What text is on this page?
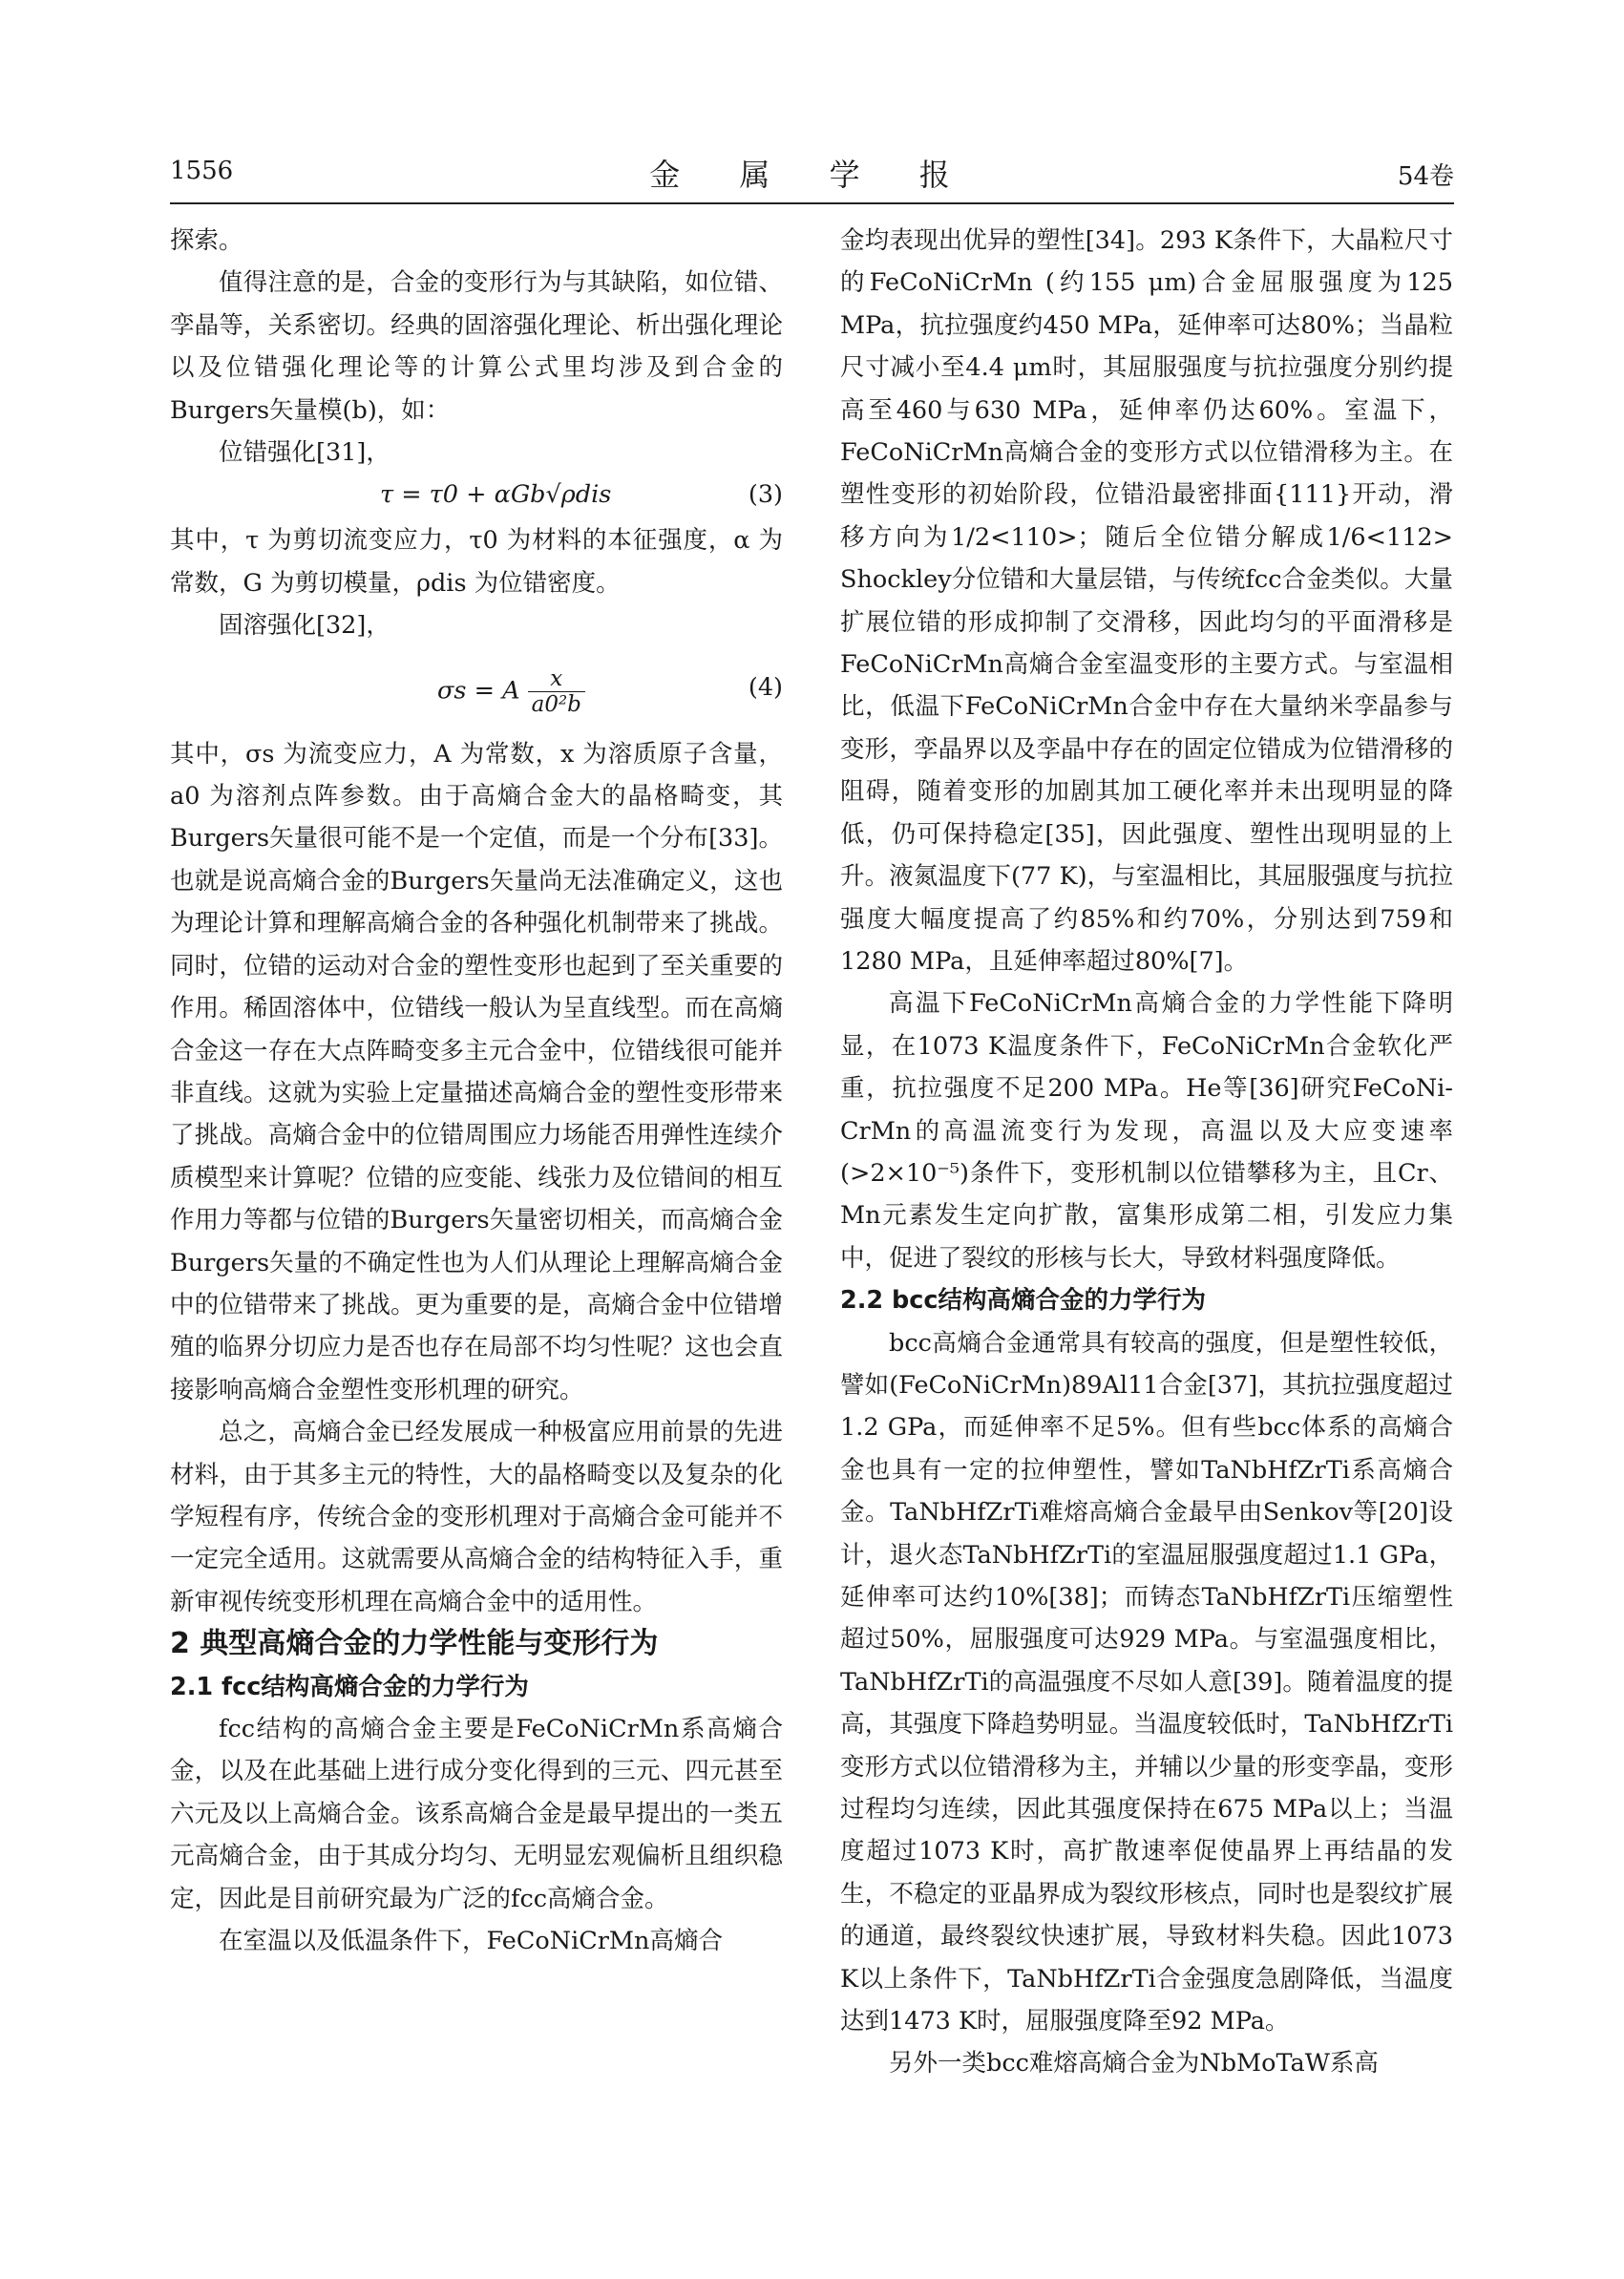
1556	金 属 学 报	54卷

探索。

值得注意的是，合金的变形行为与其缺陷，如位错、孪晶等，关系密切。经典的固溶强化理论、析出强化理论以及位错强化理论等的计算公式里均涉及到合金的Burgers矢量模(b)，如：

位错强化[31]，

τ = τ0 + αGb√ρdis	(3)

其中，τ 为剪切流变应力，τ0 为材料的本征强度，α 为常数，G 为剪切模量，ρdis 为位错密度。

固溶强化[32]，

σs = A $\frac{x}{\text{a0²b}}$	(4)

其中，σs 为流变应力，A 为常数，x 为溶质原子含量，a0 为溶剂点阵参数。由于高熵合金大的晶格畸变，其Burgers矢量很可能不是一个定值，而是一个分布[33]。也就是说高熵合金的Burgers矢量尚无法准确定义，这也为理论计算和理解高熵合金的各种强化机制带来了挑战。同时，位错的运动对合金的塑性变形也起到了至关重要的作用。稀固溶体中，位错线一般认为呈直线型。而在高熵合金这一存在大点阵畸变多主元合金中，位错线很可能并非直线。这就为实验上定量描述高熵合金的塑性变形带来了挑战。高熵合金中的位错周围应力场能否用弹性连续介质模型来计算呢？位错的应变能、线张力及位错间的相互作用力等都与位错的Burgers矢量密切相关，而高熵合金Burgers矢量的不确定性也为人们从理论上理解高熵合金中的位错带来了挑战。更为重要的是，高熵合金中位错增殖的临界分切应力是否也存在局部不均匀性呢？这也会直接影响高熵合金塑性变形机理的研究。

总之，高熵合金已经发展成一种极富应用前景的先进材料，由于其多主元的特性，大的晶格畸变以及复杂的化学短程有序，传统合金的变形机理对于高熵合金可能并不一定完全适用。这就需要从高熵合金的结构特征入手，重新审视传统变形机理在高熵合金中的适用性。

2 典型高熵合金的力学性能与变形行为

2.1 fcc结构高熵合金的力学行为

fcc结构的高熵合金主要是FeCoNiCrMn系高熵合金，以及在此基础上进行成分变化得到的三元、四元甚至六元及以上高熵合金。该系高熵合金是最早提出的一类五元高熵合金，由于其成分均匀、无明显宏观偏析且组织稳定，因此是目前研究最为广泛的fcc高熵合金。

在室温以及低温条件下，FeCoNiCrMn高熵合

金均表现出优异的塑性[34]。293 K条件下，大晶粒尺寸的FeCoNiCrMn (约155 μm)合金屈服强度为125 MPa，抗拉强度约450 MPa，延伸率可达80%；当晶粒尺寸减小至4.4 μm时，其屈服强度与抗拉强度分别约提高至460与630 MPa，延伸率仍达60%。室温下，FeCoNiCrMn高熵合金的变形方式以位错滑移为主。在塑性变形的初始阶段，位错沿最密排面{111}开动，滑移方向为1/2<110>；随后全位错分解成1/6<112> Shockley分位错和大量层错，与传统fcc合金类似。大量扩展位错的形成抑制了交滑移，因此均匀的平面滑移是FeCoNiCrMn高熵合金室温变形的主要方式。与室温相比，低温下FeCoNiCrMn合金中存在大量纳米孪晶参与变形，孪晶界以及孪晶中存在的固定位错成为位错滑移的阻碍，随着变形的加剧其加工硬化率并未出现明显的降低，仍可保持稳定[35]，因此强度、塑性出现明显的上升。液氮温度下(77 K)，与室温相比，其屈服强度与抗拉强度大幅度提高了约85%和约70%，分别达到759和1280 MPa，且延伸率超过80%[7]。

高温下FeCoNiCrMn高熵合金的力学性能下降明显，在1073 K温度条件下，FeCoNiCrMn合金软化严重，抗拉强度不足200 MPa。He等[36]研究FeCoNi-CrMn的高温流变行为发现，高温以及大应变速率(>2×10⁻⁵)条件下，变形机制以位错攀移为主，且Cr、Mn元素发生定向扩散，富集形成第二相，引发应力集中，促进了裂纹的形核与长大，导致材料强度降低。

2.2 bcc结构高熵合金的力学行为

bcc高熵合金通常具有较高的强度，但是塑性较低，譬如(FeCoNiCrMn)89Al11合金[37]，其抗拉强度超过1.2 GPa，而延伸率不足5%。但有些bcc体系的高熵合金也具有一定的拉伸塑性，譬如TaNbHfZrTi系高熵合金。TaNbHfZrTi难熔高熵合金最早由Senkov等[20]设计，退火态TaNbHfZrTi的室温屈服强度超过1.1 GPa，延伸率可达约10%[38]；而铸态TaNbHfZrTi压缩塑性超过50%，屈服强度可达929 MPa。与室温强度相比，TaNbHfZrTi的高温强度不尽如人意[39]。随着温度的提高，其强度下降趋势明显。当温度较低时，TaNbHfZrTi变形方式以位错滑移为主，并辅以少量的形变孪晶，变形过程均匀连续，因此其强度保持在675 MPa以上；当温度超过1073 K时，高扩散速率促使晶界上再结晶的发生，不稳定的亚晶界成为裂纹形核点，同时也是裂纹扩展的通道，最终裂纹快速扩展，导致材料失稳。因此1073 K以上条件下，TaNbHfZrTi合金强度急剧降低，当温度达到1473 K时，屈服强度降至92 MPa。

另外一类bcc难熔高熵合金为NbMoTaW系高
